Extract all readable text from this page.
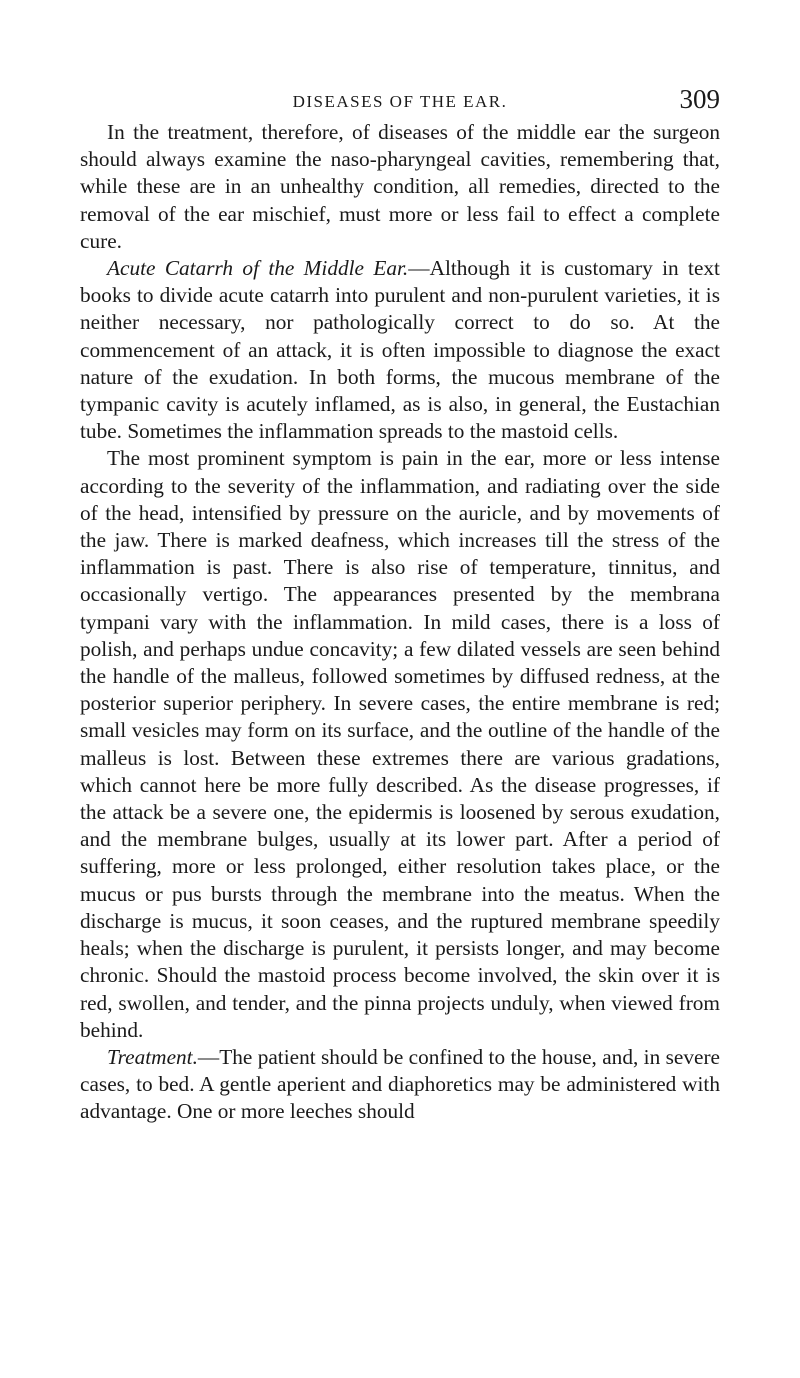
DISEASES OF THE EAR.	309

In the treatment, therefore, of diseases of the middle ear the surgeon should always examine the naso-pharyngeal cavities, remembering that, while these are in an unhealthy condition, all remedies, directed to the removal of the ear mischief, must more or less fail to effect a complete cure.

Acute Catarrh of the Middle Ear.—Although it is customary in text books to divide acute catarrh into purulent and non-purulent varieties, it is neither necessary, nor pathologically correct to do so. At the commencement of an attack, it is often impossible to diagnose the exact nature of the exudation. In both forms, the mucous membrane of the tympanic cavity is acutely inflamed, as is also, in general, the Eustachian tube. Sometimes the inflammation spreads to the mastoid cells.

The most prominent symptom is pain in the ear, more or less intense according to the severity of the inflammation, and radiating over the side of the head, intensified by pressure on the auricle, and by movements of the jaw. There is marked deafness, which increases till the stress of the inflammation is past. There is also rise of temperature, tinnitus, and occasionally vertigo. The appearances presented by the membrana tympani vary with the inflammation. In mild cases, there is a loss of polish, and perhaps undue concavity; a few dilated vessels are seen behind the handle of the malleus, followed sometimes by diffused redness, at the posterior superior periphery. In severe cases, the entire membrane is red; small vesicles may form on its surface, and the outline of the handle of the malleus is lost. Between these extremes there are various gradations, which cannot here be more fully described. As the disease progresses, if the attack be a severe one, the epidermis is loosened by serous exudation, and the membrane bulges, usually at its lower part. After a period of suffering, more or less prolonged, either resolution takes place, or the mucus or pus bursts through the membrane into the meatus. When the discharge is mucus, it soon ceases, and the ruptured membrane speedily heals; when the discharge is purulent, it persists longer, and may become chronic. Should the mastoid process become involved, the skin over it is red, swollen, and tender, and the pinna projects unduly, when viewed from behind.

Treatment.—The patient should be confined to the house, and, in severe cases, to bed. A gentle aperient and diaphoretics may be administered with advantage. One or more leeches should
